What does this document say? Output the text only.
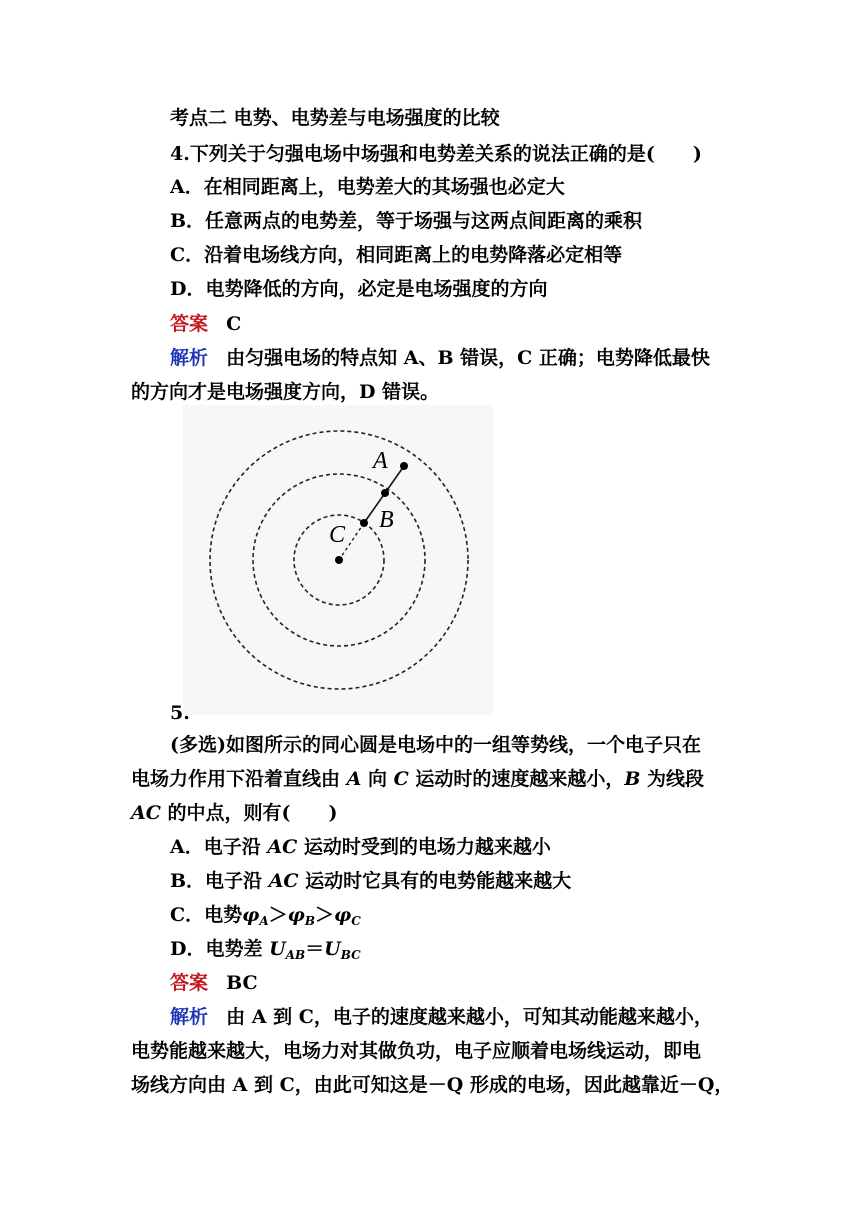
考点二 电势、电势差与电场强度的比较
4.下列关于匀强电场中场强和电势差关系的说法正确的是(　　)
A．在相同距离上，电势差大的其场强也必定大
B．任意两点的电势差，等于场强与这两点间距离的乘积
C．沿着电场线方向，相同距离上的电势降落必定相等
D．电势降低的方向，必定是电场强度的方向
答案 C
解析 由匀强电场的特点知 A、B 错误，C 正确；电势降低最快
的方向才是电场强度方向，D 错误。
A
B
C
5.
(多选)如图所示的同心圆是电场中的一组等势线，一个电子只在
电场力作用下沿着直线由 A 向 C 运动时的速度越来越小，B 为线段
AC 的中点，则有(　　)
A．电子沿 AC 运动时受到的电场力越来越小
B．电子沿 AC 运动时它具有的电势能越来越大
C．电势$\varphi_A>\varphi_B>\varphi_C$
D．电势差 $U_{AB}=U_{BC}$
答案 BC
解析 由 A 到 C，电子的速度越来越小，可知其动能越来越小，
电势能越来越大，电场力对其做负功，电子应顺着电场线运动，即电
场线方向由 A 到 C，由此可知这是－Q 形成的电场，因此越靠近－Q，
